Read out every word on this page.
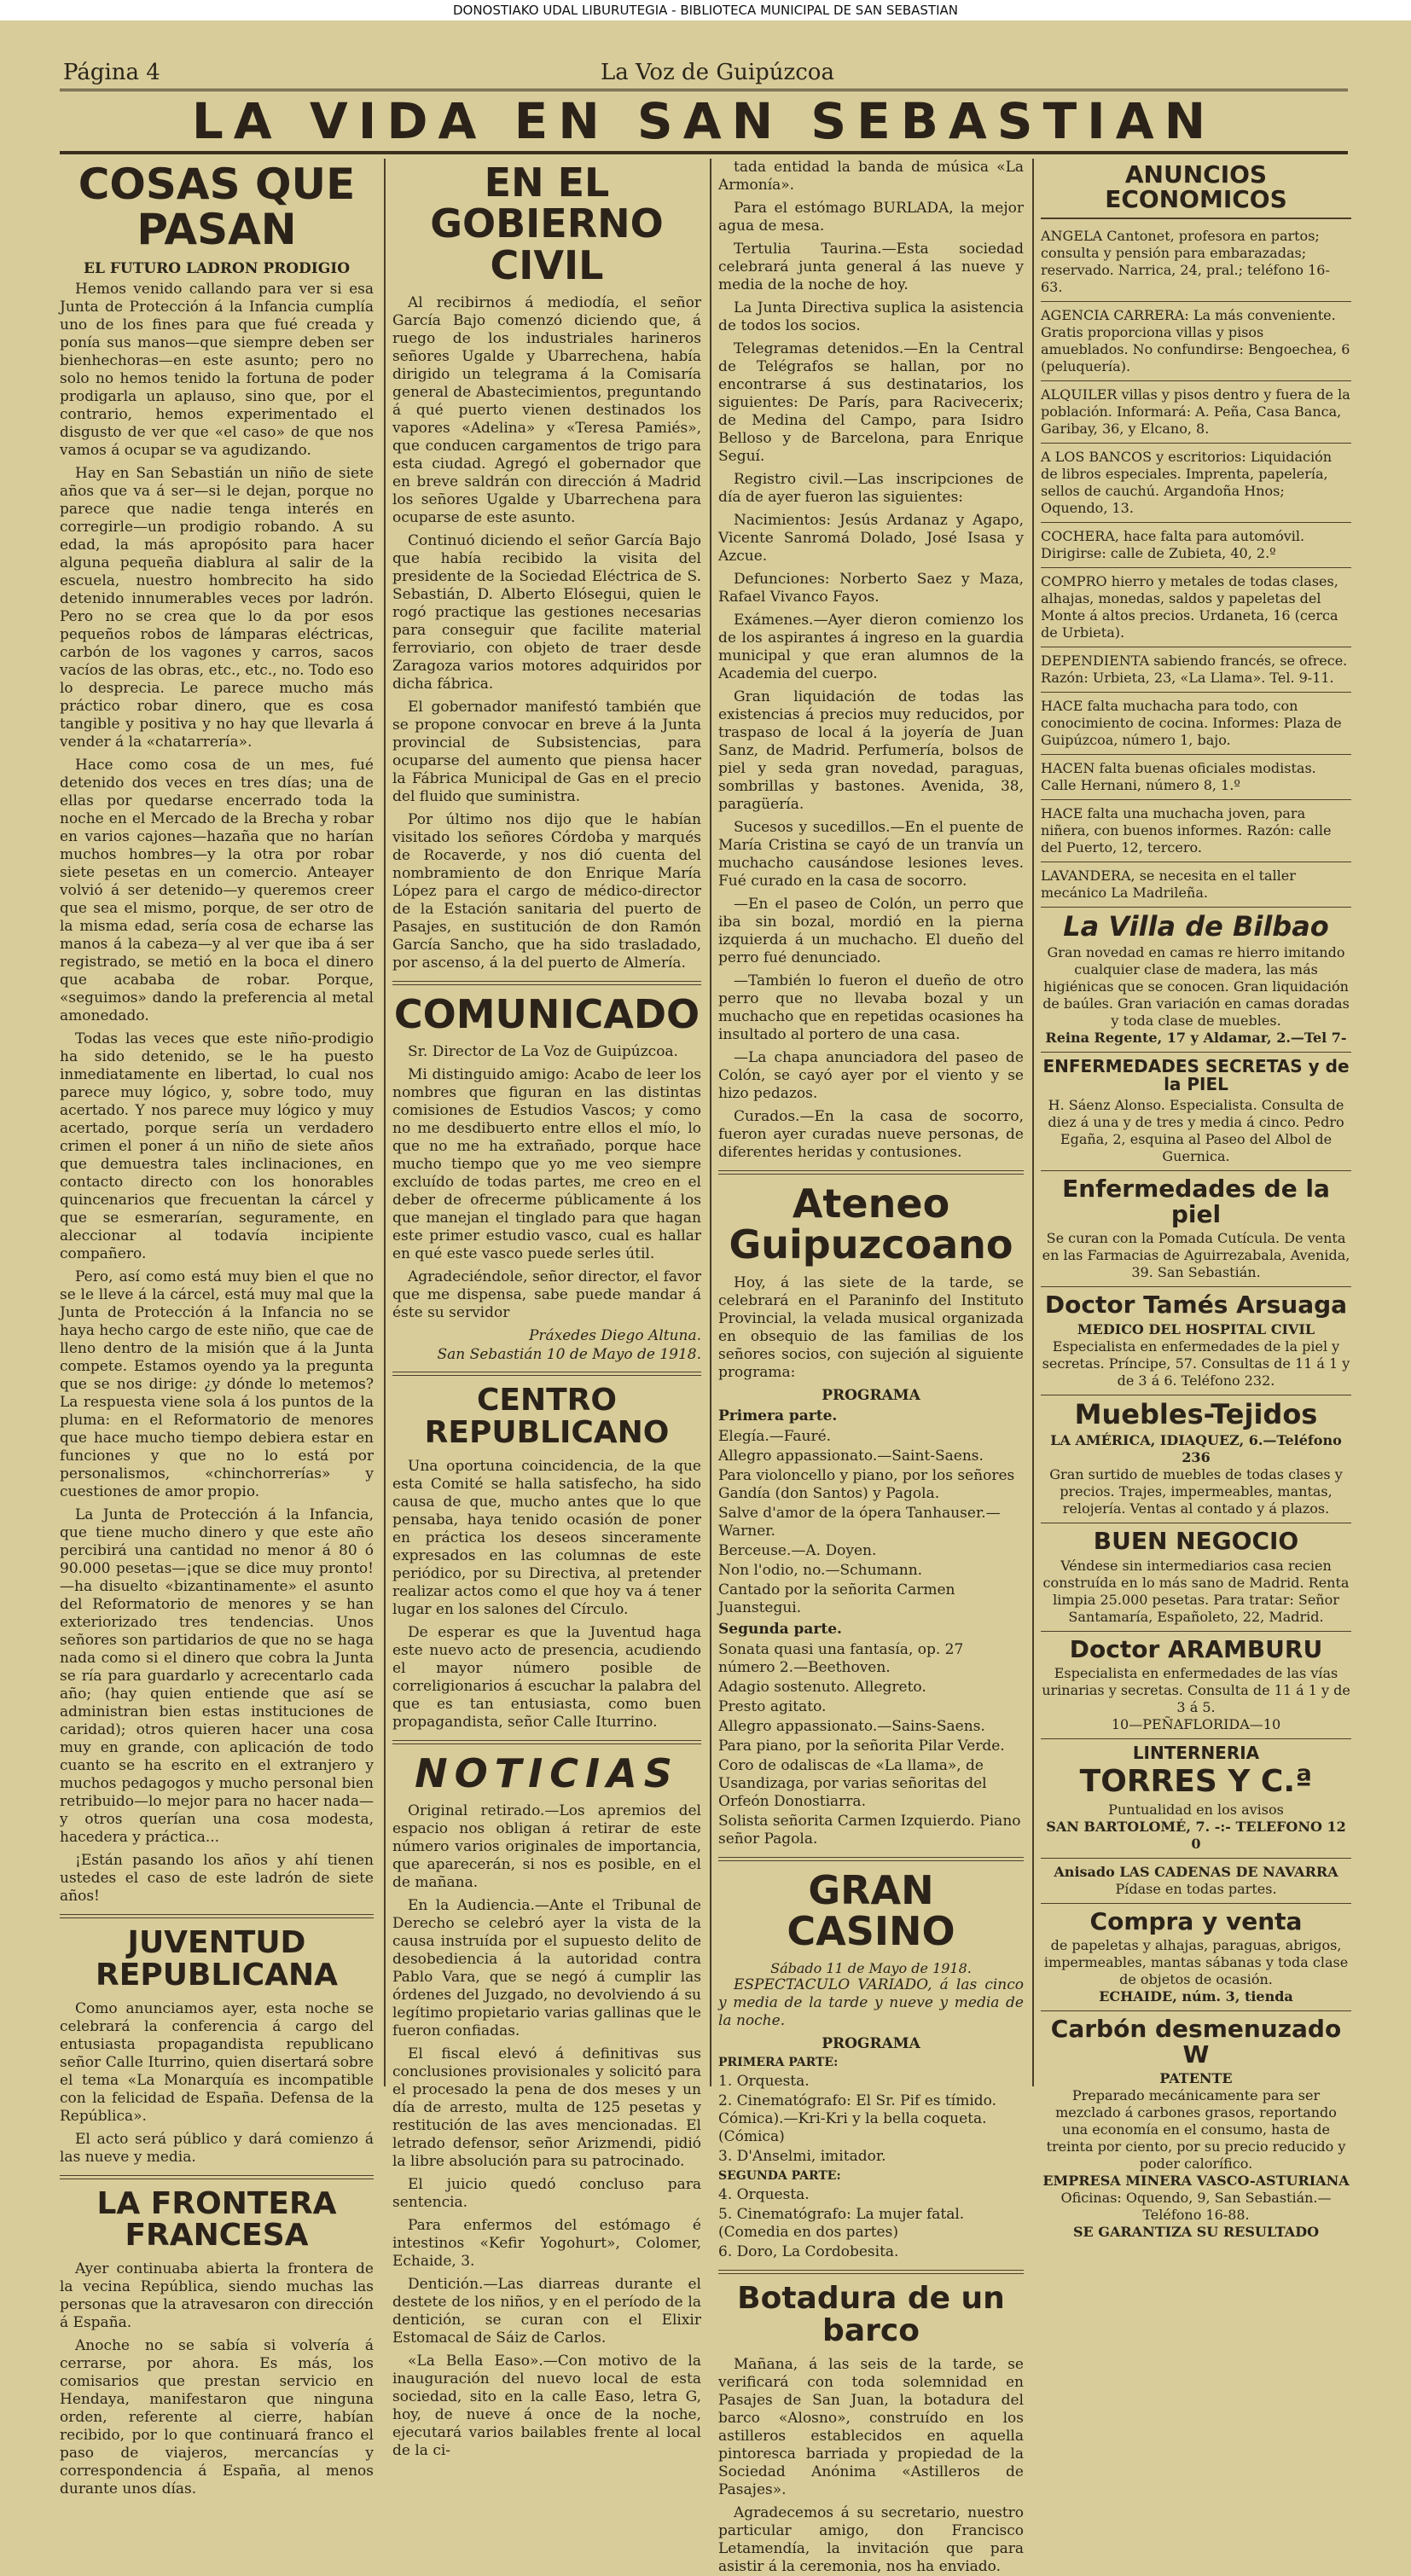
DONOSTIAKO UDAL LIBURUTEGIA - BIBLIOTECA MUNICIPAL DE SAN SEBASTIAN
Página 4	La Voz de Guipúzcoa
LA VIDA EN SAN SEBASTIAN
COSAS QUE PASAN
EL FUTURO LADRON PRODIGIO

Hemos venido callando para ver si esa Junta de Protección á la Infancia cumplía uno de los fines para que fué creada y ponía sus manos—que siempre deben ser bienhechoras—en este asunto; pero no solo no hemos tenido la fortuna de poder prodigarla un aplauso, sino que, por el contrario, hemos experimentado el disgusto de ver que «el caso» de que nos vamos á ocupar se va agudizando.

Hay en San Sebastián un niño de siete años que va á ser—si le dejan, porque no parece que nadie tenga interés en corregirle—un prodigio robando. A su edad, la más apropósito para hacer alguna pequeña diablura al salir de la escuela, nuestro hombrecito ha sido detenido innumerables veces por ladrón. Pero no se crea que lo da por esos pequeños robos de lámparas eléctricas, carbón de los vagones y carros, sacos vacíos de las obras, etc., etc., no. Todo eso lo desprecia. Le parece mucho más práctico robar dinero, que es cosa tangible y positiva y no hay que llevarla á vender á la «chatarrería».

Hace como cosa de un mes, fué detenido dos veces en tres días; una de ellas por quedarse encerrado toda la noche en el Mercado de la Brecha y robar en varios cajones—hazaña que no harían muchos hombres—y la otra por robar siete pesetas en un comercio. Anteayer volvió á ser detenido—y queremos creer que sea el mismo, porque, de ser otro de la misma edad, sería cosa de echarse las manos á la cabeza—y al ver que iba á ser registrado, se metió en la boca el dinero que acababa de robar. Porque, «seguimos» dando la preferencia al metal amonedado.

Todas las veces que este niño-prodigio ha sido detenido, se le ha puesto inmediatamente en libertad, lo cual nos parece muy lógico, y, sobre todo, muy acertado. Y nos parece muy lógico y muy acertado, porque sería un verdadero crimen el poner á un niño de siete años que demuestra tales inclinaciones, en contacto directo con los honorables quincenarios que frecuentan la cárcel y que se esmerarían, seguramente, en aleccionar al todavía incipiente compañero.

Pero, así como está muy bien el que no se le lleve á la cárcel, está muy mal que la Junta de Protección á la Infancia no se haya hecho cargo de este niño, que cae de lleno dentro de la misión que á la Junta compete. Estamos oyendo ya la pregunta que se nos dirige: ¿y dónde lo metemos? La respuesta viene sola á los puntos de la pluma: en el Reformatorio de menores que hace mucho tiempo debiera estar en funciones y que no lo está por personalismos, «chinchorrerías» y cuestiones de amor propio.

La Junta de Protección á la Infancia, que tiene mucho dinero y que este año percibirá una cantidad no menor á 80 ó 90.000 pesetas—¡que se dice muy pronto!—ha disuelto «bizantinamente» el asunto del Reformatorio de menores y se han exteriorizado tres tendencias. Unos señores son partidarios de que no se haga nada como si el dinero que cobra la Junta se ría para guardarlo y acrecentarlo cada año; (hay quien entiende que así se administran bien estas instituciones de caridad); otros quieren hacer una cosa muy en grande, con aplicación de todo cuanto se ha escrito en el extranjero y muchos pedagogos y mucho personal bien retribuido—lo mejor para no hacer nada—y otros querían una cosa modesta, hacedera y práctica...

¡Están pasando los años y ahí tienen ustedes el caso de este ladrón de siete años!

JUVENTUD REPUBLICANA

Como anunciamos ayer, esta noche se celebrará la conferencia á cargo del entusiasta propagandista republicano señor Calle Iturrino, quien disertará sobre el tema «La Monarquía es incompatible con la felicidad de España. Defensa de la República».

El acto será público y dará comienzo á las nueve y media.

LA FRONTERA FRANCESA

Ayer continuaba abierta la frontera de la vecina República, siendo muchas las personas que la atravesaron con dirección á España.

Anoche no se sabía si volvería á cerrarse, por ahora. Es más, los comisarios que prestan servicio en Hendaya, manifestaron que ninguna orden, referente al cierre, habían recibido, por lo que continuará franco el paso de viajeros, mercancías y correspondencia á España, al menos durante unos días.

EN EL GOBIERNO CIVIL

Al recibirnos á mediodía, el señor García Bajo comenzó diciendo que, á ruego de los industriales harineros señores Ugalde y Ubarrechena, había dirigido un telegrama á la Comisaría general de Abastecimientos, preguntando á qué puerto vienen destinados los vapores «Adelina» y «Teresa Pamiés», que conducen cargamentos de trigo para esta ciudad. Agregó el gobernador que en breve saldrán con dirección á Madrid los señores Ugalde y Ubarrechena para ocuparse de este asunto.

Continuó diciendo el señor García Bajo que había recibido la visita del presidente de la Sociedad Eléctrica de S. Sebastián, D. Alberto Elósegui, quien le rogó practique las gestiones necesarias para conseguir que facilite material ferroviario, con objeto de traer desde Zaragoza varios motores adquiridos por dicha fábrica.

El gobernador manifestó también que se propone convocar en breve á la Junta provincial de Subsistencias, para ocuparse del aumento que piensa hacer la Fábrica Municipal de Gas en el precio del fluido que suministra.

Por último nos dijo que le habían visitado los señores Córdoba y marqués de Rocaverde, y nos dió cuenta del nombramiento de don Enrique María López para el cargo de médico-director de la Estación sanitaria del puerto de Pasajes, en sustitución de don Ramón García Sancho, que ha sido trasladado, por ascenso, á la del puerto de Almería.

COMUNICADO

Sr. Director de La Voz de Guipúzcoa.

Mi distinguido amigo: Acabo de leer los nombres que figuran en las distintas comisiones de Estudios Vascos; y como no me desdibuerto entre ellos el mío, lo que no me ha extrañado, porque hace mucho tiempo que yo me veo siempre excluído de todas partes, me creo en el deber de ofrecerme públicamente á los que manejan el tinglado para que hagan este primer estudio vasco, cual es hallar en qué este vasco puede serles útil.

Agradeciéndole, señor director, el favor que me dispensa, sabe puede mandar á éste su servidor

Práxedes Diego Altuna.
San Sebastián 10 de Mayo de 1918.
CENTRO REPUBLICANO

Una oportuna coincidencia, de la que esta Comité se halla satisfecho, ha sido causa de que, mucho antes que lo que pensaba, haya tenido ocasión de poner en práctica los deseos sinceramente expresados en las columnas de este periódico, por su Directiva, al pretender realizar actos como el que hoy va á tener lugar en los salones del Círculo.

De esperar es que la Juventud haga este nuevo acto de presencia, acudiendo el mayor número posible de correligionarios á escuchar la palabra del que es tan entusiasta, como buen propagandista, señor Calle Iturrino.

NOTICIAS

Original retirado.—Los apremios del espacio nos obligan á retirar de este número varios originales de importancia, que aparecerán, si nos es posible, en el de mañana.

En la Audiencia.—Ante el Tribunal de Derecho se celebró ayer la vista de la causa instruída por el supuesto delito de desobediencia á la autoridad contra Pablo Vara, que se negó á cumplir las órdenes del Juzgado, no devolviendo á su legítimo propietario varias gallinas que le fueron confiadas.

El fiscal elevó á definitivas sus conclusiones provisionales y solicitó para el procesado la pena de dos meses y un día de arresto, multa de 125 pesetas y restitución de las aves mencionadas. El letrado defensor, señor Arizmendi, pidió la libre absolución para su patrocinado.

El juicio quedó concluso para sentencia.

Para enfermos del estómago é intestinos «Kefir Yogohurt», Colomer, Echaide, 3.

Dentición.—Las diarreas durante el destete de los niños, y en el período de la dentición, se curan con el Elixir Estomacal de Sáiz de Carlos.

«La Bella Easo».—Con motivo de la inauguración del nuevo local de esta sociedad, sito en la calle Easo, letra G, hoy, de nueve á once de la noche, ejecutará varios bailables frente al local de la ci-

tada entidad la banda de música «La Armonía».

Para el estómago BURLADA, la mejor agua de mesa.

Tertulia Taurina.—Esta sociedad celebrará junta general á las nueve y media de la noche de hoy.

La Junta Directiva suplica la asistencia de todos los socios.

Telegramas detenidos.—En la Central de Telégrafos se hallan, por no encontrarse á sus destinatarios, los siguientes: De París, para Racivecerix; de Medina del Campo, para Isidro Belloso y de Barcelona, para Enrique Seguí.

Registro civil.—Las inscripciones de día de ayer fueron las siguientes:

Nacimientos: Jesús Ardanaz y Agapo, Vicente Sanromá Dolado, José Isasa y Azcue.

Defunciones: Norberto Saez y Maza, Rafael Vivanco Fayos.

Exámenes.—Ayer dieron comienzo los de los aspirantes á ingreso en la guardia municipal y que eran alumnos de la Academia del cuerpo.

Gran liquidación de todas las existencias á precios muy reducidos, por traspaso de local á la joyería de Juan Sanz, de Madrid. Perfumería, bolsos de piel y seda gran novedad, paraguas, sombrillas y bastones. Avenida, 38, paragüería.

Sucesos y sucedillos.—En el puente de María Cristina se cayó de un tranvía un muchacho causándose lesiones leves. Fué curado en la casa de socorro.

—En el paseo de Colón, un perro que iba sin bozal, mordió en la pierna izquierda á un muchacho. El dueño del perro fué denunciado.

—También lo fueron el dueño de otro perro que no llevaba bozal y un muchacho que en repetidas ocasiones ha insultado al portero de una casa.

—La chapa anunciadora del paseo de Colón, se cayó ayer por el viento y se hizo pedazos.

Curados.—En la casa de socorro, fueron ayer curadas nueve personas, de diferentes heridas y contusiones.

Ateneo Guipuzcoano

Hoy, á las siete de la tarde, se celebrará en el Paraninfo del Instituto Provincial, la velada musical organizada en obsequio de las familias de los señores socios, con sujeción al siguiente programa:

PROGRAMA
Primera parte.
Elegía.—Fauré.
Allegro appassionato.—Saint-Saens.
Para violoncello y piano, por los señores Gandía (don Santos) y Pagola.
Salve d'amor de la ópera Tanhauser.—Warner.
Berceuse.—A. Doyen.
Non l'odio, no.—Schumann.
Cantado por la señorita Carmen Juanstegui.
Segunda parte.
Sonata quasi una fantasía, op. 27 número 2.—Beethoven.
Adagio sostenuto. Allegreto.
Presto agitato.
Allegro appassionato.—Sains-Saens.
Para piano, por la señorita Pilar Verde.
Coro de odaliscas de «La llama», de Usandizaga, por varias señoritas del Orfeón Donostiarra.
Solista señorita Carmen Izquierdo. Piano señor Pagola.
GRAN CASINO
Sábado 11 de Mayo de 1918.

ESPECTACULO VARIADO, á las cinco y media de la tarde y nueve y media de la noche.

PROGRAMA
PRIMERA PARTE:
1. Orquesta.
2. Cinematógrafo: El Sr. Pif es tímido. Cómica).—Kri-Kri y la bella coqueta. (Cómica)
3. D'Anselmi, imitador.
SEGUNDA PARTE:
4. Orquesta.
5. Cinematógrafo: La mujer fatal. (Comedia en dos partes)
6. Doro, La Cordobesita.
Botadura de un barco

Mañana, á las seis de la tarde, se verificará con toda solemnidad en Pasajes de San Juan, la botadura del barco «Alosno», construído en los astilleros establecidos en aquella pintoresca barriada y propiedad de la Sociedad Anónima «Astilleros de Pasajes».

Agradecemos á su secretario, nuestro particular amigo, don Francisco Letamendía, la invitación que para asistir á la ceremonia, nos ha enviado.

ANUNCIOS ECONOMICOS
ANGELA Cantonet, profesora en partos; consulta y pensión para embarazadas; reservado. Narrica, 24, pral.; teléfono 16-63.
AGENCIA CARRERA: La más conveniente. Gratis proporciona villas y pisos amueblados. No confundirse: Bengoechea, 6 (peluquería).
ALQUILER villas y pisos dentro y fuera de la población. Informará: A. Peña, Casa Banca, Garibay, 36, y Elcano, 8.
A LOS BANCOS y escritorios: Liquidación de libros especiales. Imprenta, papelería, sellos de cauchú. Argandoña Hnos; Oquendo, 13.
COCHERA, hace falta para automóvil. Dirigirse: calle de Zubieta, 40, 2.º
COMPRO hierro y metales de todas clases, alhajas, monedas, saldos y papeletas del Monte á altos precios. Urdaneta, 16 (cerca de Urbieta).
DEPENDIENTA sabiendo francés, se ofrece. Razón: Urbieta, 23, «La Llama». Tel. 9-11.
HACE falta muchacha para todo, con conocimiento de cocina. Informes: Plaza de Guipúzcoa, número 1, bajo.
HACEN falta buenas oficiales modistas. Calle Hernani, número 8, 1.º
HACE falta una muchacha joven, para niñera, con buenos informes. Razón: calle del Puerto, 12, tercero.
LAVANDERA, se necesita en el taller mecánico La Madrileña.
La Villa de Bilbao
Gran novedad en camas re hierro imitando cualquier clase de madera, las más higiénicas que se conocen. Gran liquidación de baúles. Gran variación en camas doradas y toda clase de muebles.
Reina Regente, 17 y Aldamar, 2.—Tel 7-
ENFERMEDADES SECRETAS y de la PIEL
H. Sáenz Alonso. Especialista. Consulta de diez á una y de tres y media á cinco. Pedro Egaña, 2, esquina al Paseo del Albol de Guernica.
Enfermedades de la piel
Se curan con la Pomada Cutícula. De venta en las Farmacias de Aguirrezabala, Avenida, 39. San Sebastián.
Doctor Tamés Arsuaga
MEDICO DEL HOSPITAL CIVIL
Especialista en enfermedades de la piel y secretas. Príncipe, 57. Consultas de 11 á 1 y de 3 á 6. Teléfono 232.
Muebles-Tejidos
LA AMÉRICA, IDIAQUEZ, 6.—Teléfono 236
Gran surtido de muebles de todas clases y precios. Trajes, impermeables, mantas, relojería. Ventas al contado y á plazos.
BUEN NEGOCIO
Véndese sin intermediarios casa recien construída en lo más sano de Madrid. Renta limpia 25.000 pesetas. Para tratar: Señor Santamaría, Españoleto, 22, Madrid.
Doctor ARAMBURU
Especialista en enfermedades de las vías urinarias y secretas. Consulta de 11 á 1 y de 3 á 5.
10—PEÑAFLORIDA—10
LINTERNERIA
TORRES Y C.ª
Puntualidad en los avisos
SAN BARTOLOMÉ, 7. -:- TELEFONO 12 0
Anisado LAS CADENAS DE NAVARRA
Pídase en todas partes.
Compra y venta
de papeletas y alhajas, paraguas, abrigos, impermeables, mantas sábanas y toda clase de objetos de ocasión.
ECHAIDE, núm. 3, tienda
Carbón desmenuzado W
PATENTE
Preparado mecánicamente para ser mezclado á carbones grasos, reportando una economía en el consumo, hasta de treinta por ciento, por su precio reducido y poder calorífico.
EMPRESA MINERA VASCO-ASTURIANA
Oficinas: Oquendo, 9, San Sebastián.—Teléfono 16-88.
SE GARANTIZA SU RESULTADO
